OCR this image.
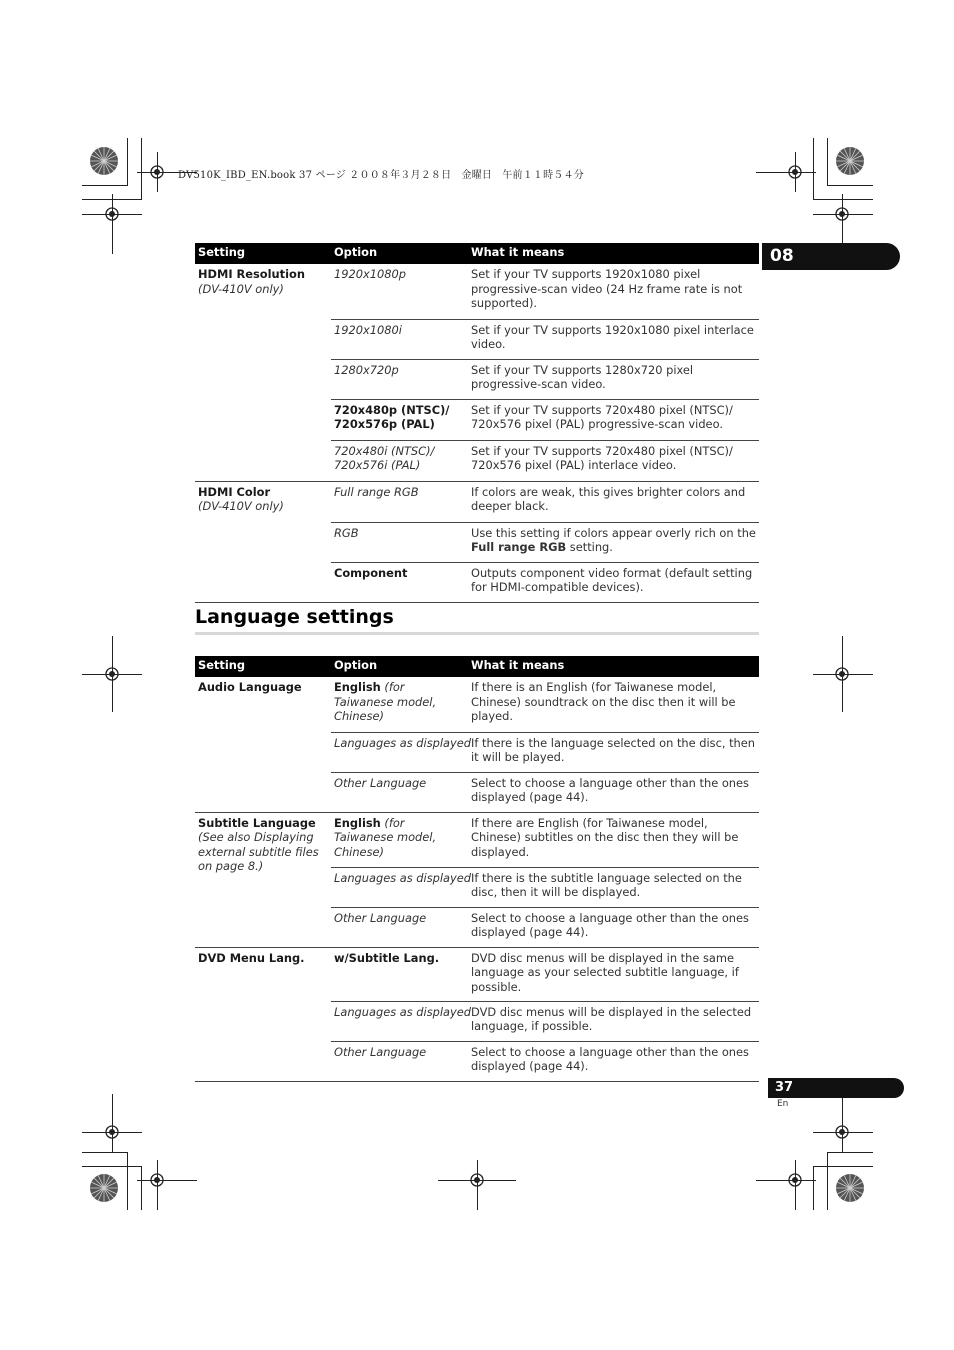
DV510K_IBD_EN.book 37 ページ ２００８年３月２８日　金曜日　午前１１時５４分
08
Setting	Option	What it means
HDMI Resolution
(DV-410V only)	1920x1080p	Set if your TV supports 1920x1080 pixel progressive-scan video (24 Hz frame rate is not supported).
	1920x1080i	Set if your TV supports 1920x1080 pixel interlace video.
	1280x720p	Set if your TV supports 1280x720 pixel progressive-scan video.
	720x480p (NTSC)/ 720x576p (PAL)	Set if your TV supports 720x480 pixel (NTSC)/ 720x576 pixel (PAL) progressive-scan video.
	720x480i (NTSC)/ 720x576i (PAL)	Set if your TV supports 720x480 pixel (NTSC)/ 720x576 pixel (PAL) interlace video.
HDMI Color
(DV-410V only)	Full range RGB	If colors are weak, this gives brighter colors and deeper black.
	RGB	Use this setting if colors appear overly rich on the Full range RGB setting.
	Component	Outputs component video format (default setting for HDMI-compatible devices).
Language settings
Setting	Option	What it means
Audio Language	English (for Taiwanese model, Chinese)	If there is an English (for Taiwanese model, Chinese) soundtrack on the disc then it will be played.
	Languages as displayed	If there is the language selected on the disc, then it will be played.
	Other Language	Select to choose a language other than the ones displayed (page 44).
Subtitle Language
(See also Displaying external subtitle files on page 8.)	English (for Taiwanese model, Chinese)	If there are English (for Taiwanese model, Chinese) subtitles on the disc then they will be displayed.
	Languages as displayed	If there is the subtitle language selected on the disc, then it will be displayed.
	Other Language	Select to choose a language other than the ones displayed (page 44).
DVD Menu Lang.	w/Subtitle Lang.	DVD disc menus will be displayed in the same language as your selected subtitle language, if possible.
	Languages as displayed	DVD disc menus will be displayed in the selected language, if possible.
	Other Language	Select to choose a language other than the ones displayed (page 44).
37
En
